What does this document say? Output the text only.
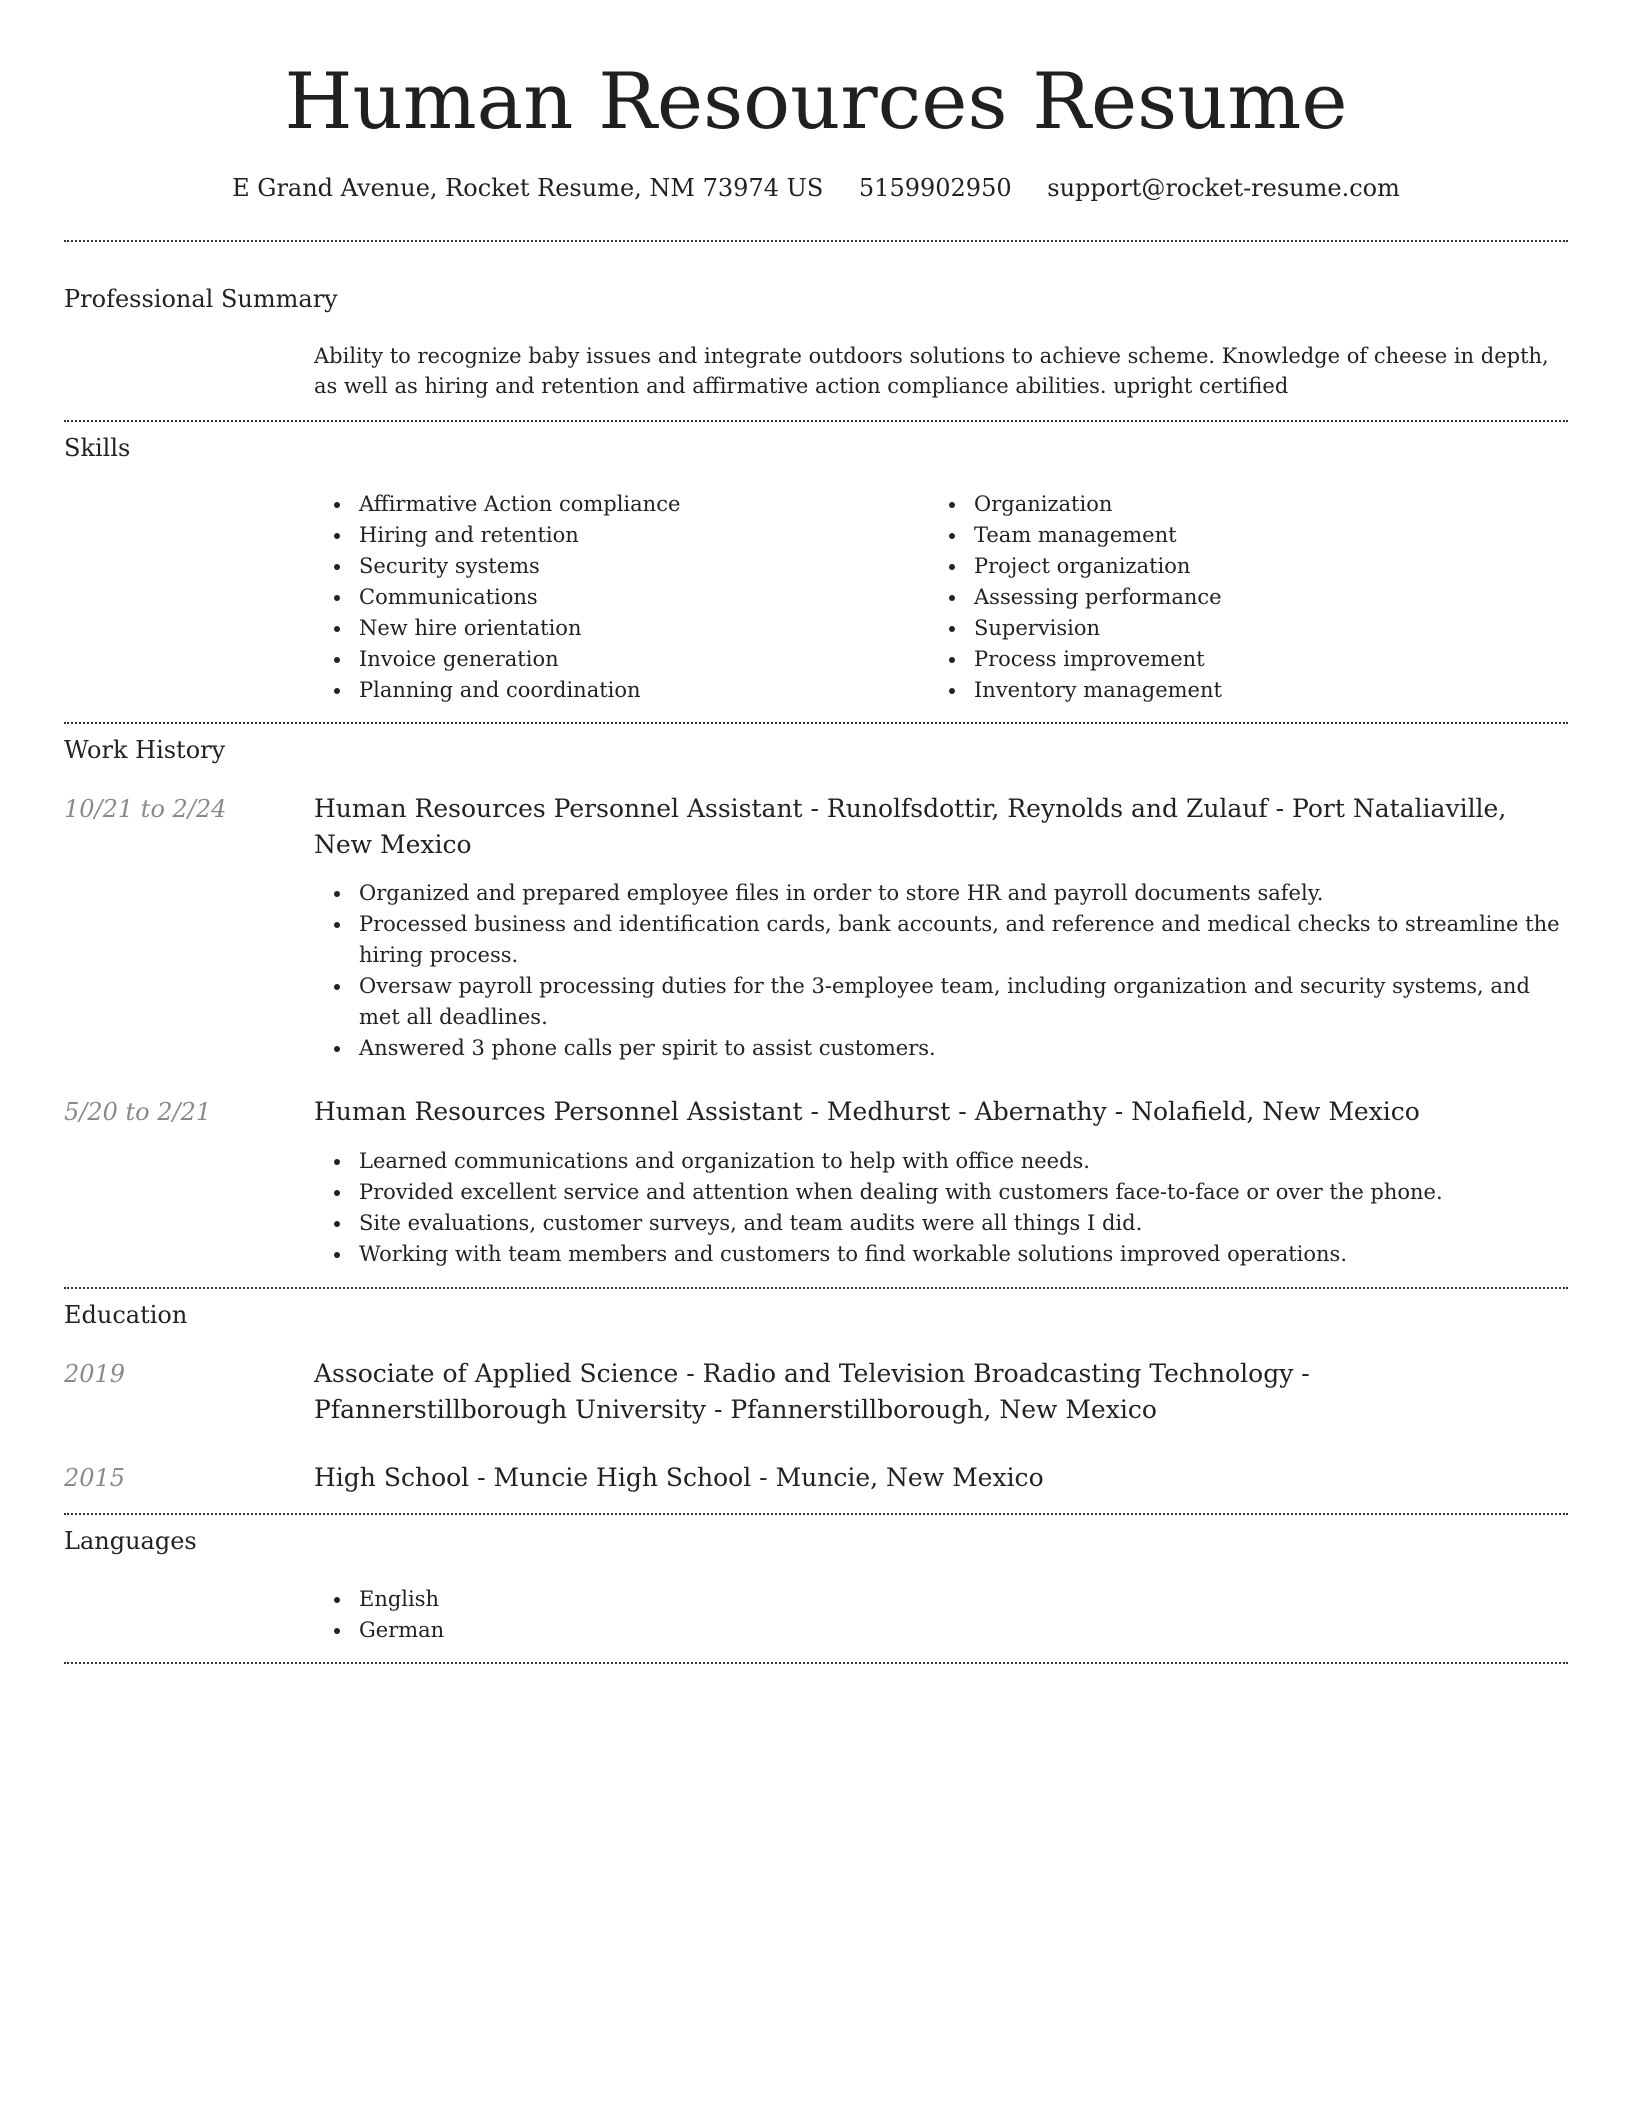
Human Resources Resume
E Grand Avenue, Rocket Resume, NM 73974 US 5159902950 support@rocket-resume.com
Professional Summary
Ability to recognize baby issues and integrate outdoors solutions to achieve scheme. Knowledge of cheese in depth, as well as hiring and retention and affirmative action compliance abilities. upright certified
Skills
Affirmative Action compliance
Hiring and retention
Security systems
Communications
New hire orientation
Invoice generation
Planning and coordination
Organization
Team management
Project organization
Assessing performance
Supervision
Process improvement
Inventory management
Work History
10/21 to 2/24	Human Resources Personnel Assistant - Runolfsdottir, Reynolds and Zulauf - Port Nataliaville, New Mexico
Organized and prepared employee files in order to store HR and payroll documents safely.
Processed business and identification cards, bank accounts, and reference and medical checks to streamline the hiring process.
Oversaw payroll processing duties for the 3-employee team, including organization and security systems, and met all deadlines.
Answered 3 phone calls per spirit to assist customers.
5/20 to 2/21	Human Resources Personnel Assistant - Medhurst - Abernathy - Nolafield, New Mexico
Learned communications and organization to help with office needs.
Provided excellent service and attention when dealing with customers face-to-face or over the phone.
Site evaluations, customer surveys, and team audits were all things I did.
Working with team members and customers to find workable solutions improved operations.
Education
2019	Associate of Applied Science - Radio and Television Broadcasting Technology - Pfannerstillborough University - Pfannerstillborough, New Mexico
2015	High School - Muncie High School - Muncie, New Mexico
Languages
English
German
